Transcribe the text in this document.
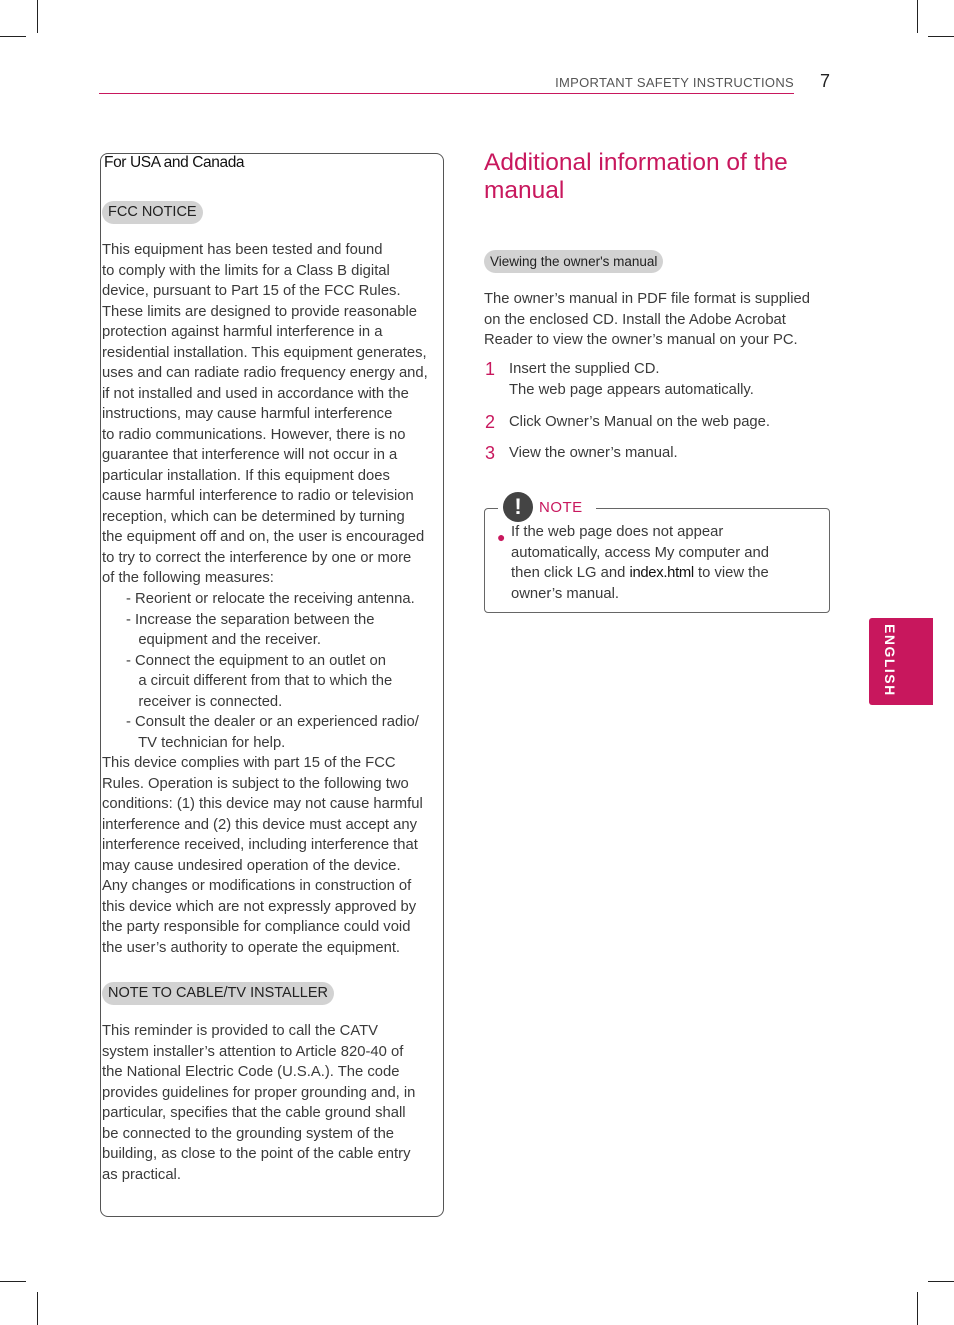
IMPORTANT SAFETY INSTRUCTIONS 7
For USA and Canada
FCC NOTICE
This equipment has been tested and found
to comply with the limits for a Class B digital
device, pursuant to Part 15 of the FCC Rules.
These limits are designed to provide reasonable
protection against harmful interference in a
residential installation. This equipment generates,
uses and can radiate radio frequency energy and,
if not installed and used in accordance with the
instructions, may cause harmful interference
to radio communications. However, there is no
guarantee that interference will not occur in a
particular installation. If this equipment does
cause harmful interference to radio or television
reception, which can be determined by turning
the equipment off and on, the user is encouraged
to try to correct the interference by one or more
of the following measures:
- Reorient or relocate the receiving antenna.
- Increase the separation between the
equipment and the receiver.
- Connect the equipment to an outlet on
a circuit different from that to which the
receiver is connected.
- Consult the dealer or an experienced radio/
TV technician for help.
This device complies with part 15 of the FCC
Rules. Operation is subject to the following two
conditions: (1) this device may not cause harmful
interference and (2) this device must accept any
interference received, including interference that
may cause undesired operation of the device.
Any changes or modifications in construction of
this device which are not expressly approved by
the party responsible for compliance could void
the user’s authority to operate the equipment.
NOTE TO CABLE/TV INSTALLER
This reminder is provided to call the CATV
system installer’s attention to Article 820-40 of
the National Electric Code (U.S.A.). The code
provides guidelines for proper grounding and, in
particular, specifies that the cable ground shall
be connected to the grounding system of the
building, as close to the point of the cable entry
as practical.
Additional information of the manual
Viewing the owner's manual
The owner’s manual in PDF file format is supplied
on the enclosed CD. Install the Adobe Acrobat
Reader to view the owner’s manual on your PC.
1 Insert the supplied CD.
The web page appears automatically.
2 Click Owner’s Manual on the web page.
3 View the owner’s manual.
!	NOTE
● If the web page does not appear
automatically, access My computer and
then click LG and index.html to view the
owner’s manual.
ENGLISH
